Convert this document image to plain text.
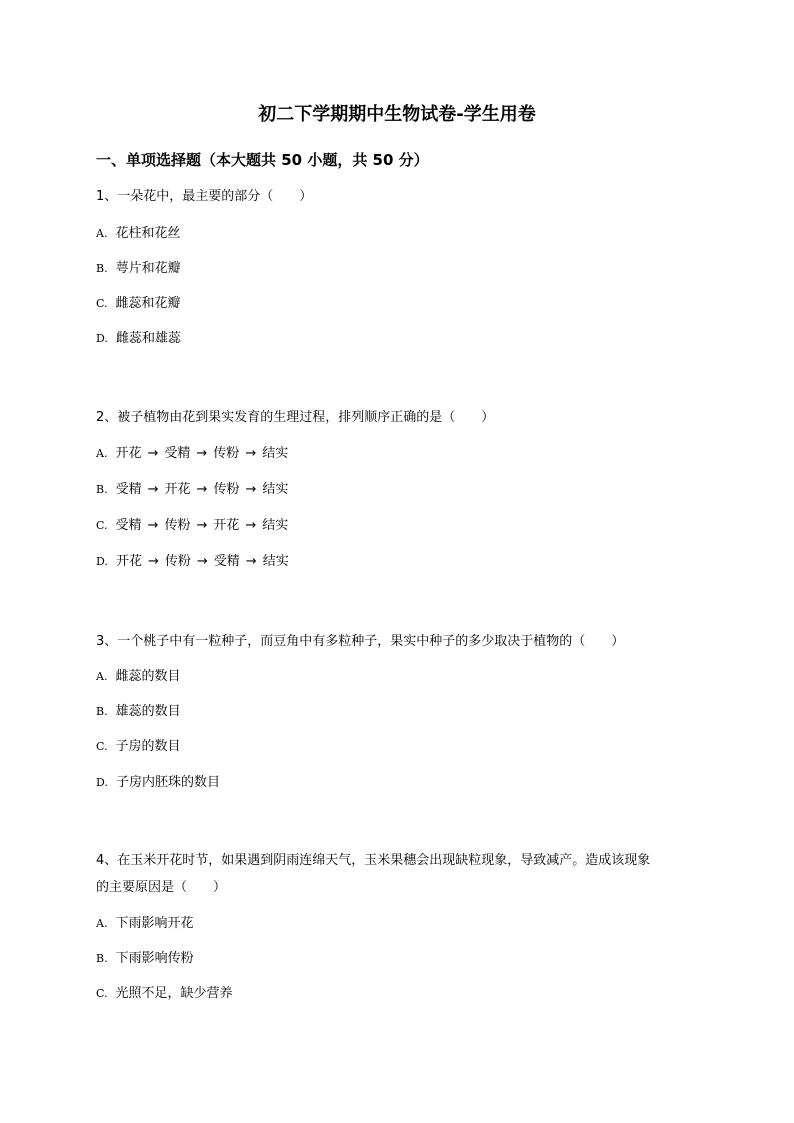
初二下学期期中生物试卷-学生用卷
一、单项选择题（本大题共 50 小题，共 50 分）
1、一朵花中，最主要的部分（　　）
A. 花柱和花丝
B. 萼片和花瓣
C. 雌蕊和花瓣
D. 雌蕊和雄蕊
2、被子植物由花到果实发育的生理过程，排列顺序正确的是（　　）
A. 开花 → 受精 → 传粉 → 结实
B. 受精 → 开花 → 传粉 → 结实
C. 受精 → 传粉 → 开花 → 结实
D. 开花 → 传粉 → 受精 → 结实
3、一个桃子中有一粒种子，而豆角中有多粒种子，果实中种子的多少取决于植物的（　　）
A. 雌蕊的数目
B. 雄蕊的数目
C. 子房的数目
D. 子房内胚珠的数目
4、在玉米开花时节，如果遇到阴雨连绵天气，玉米果穗会出现缺粒现象，导致减产。造成该现象
的主要原因是（　　）
A. 下雨影响开花
B. 下雨影响传粉
C. 光照不足，缺少营养
